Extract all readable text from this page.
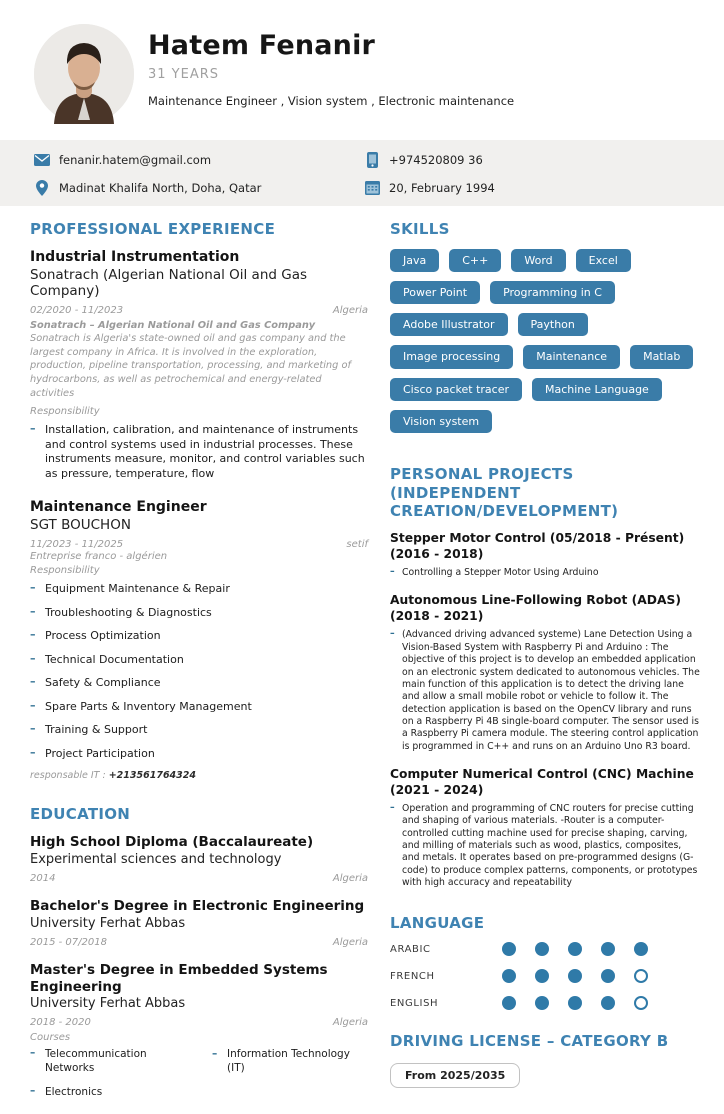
Hatem Fenanir

31 YEARS

Maintenance Engineer , Vision system , Electronic maintenance

fenanir.hatem@gmail.com	+974520809 36
Madinat Khalifa North, Doha, Qatar	20, February 1994
PROFESSIONAL EXPERIENCE

Industrial Instrumentation

Sonatrach (Algerian National Oil and Gas Company)

02/2020 - 11/2023	Algeria

Sonatrach – Algerian National Oil and Gas Company Sonatrach is Algeria's state-owned oil and gas company and the largest company in Africa. It is involved in the exploration, production, pipeline transportation, processing, and marketing of hydrocarbons, as well as petrochemical and energy-related activities

Responsibility

– Installation, calibration, and maintenance of instruments and control systems used in industrial processes. These instruments measure, monitor, and control variables such as pressure, temperature, flow

Maintenance Engineer

SGT BOUCHON

11/2023 - 11/2025	setif

Entreprise franco - algérien

Responsibility

– Equipment Maintenance & Repair
– Troubleshooting & Diagnostics
– Process Optimization
– Technical Documentation
– Safety & Compliance
– Spare Parts & Inventory Management
– Training & Support
– Project Participation

responsable IT : +213561764324

EDUCATION

High School Diploma (Baccalaureate)

Experimental sciences and technology

2014	Algeria

Bachelor's Degree in Electronic Engineering

University Ferhat Abbas

2015 - 07/2018	Algeria

Master's Degree in Embedded Systems Engineering

University Ferhat Abbas

2018 - 2020	Algeria

Courses

– Telecommunication Networks
– Electronics
– Information Technology (IT)
SKILLS
Java	C++	Word	Excel
Power Point	Programming in C
Adobe Illustrator	Paython
Image processing	Maintenance	Matlab
Cisco packet tracer	Machine Language
Vision system
PERSONAL PROJECTS (INDEPENDENT CREATION/DEVELOPMENT)
Stepper Motor Control (05/2018 - Présent)
(2016 - 2018)
– Controlling a Stepper Motor Using Arduino
Autonomous Line-Following Robot (ADAS) (2018 - 2021)
– (Advanced driving advanced systeme) Lane Detection Using a Vision-Based System with Raspberry Pi and Arduino : The objective of this project is to develop an embedded application on an electronic system dedicated to autonomous vehicles. The main function of this application is to detect the driving lane and allow a small mobile robot or vehicle to follow it. The detection application is based on the OpenCV library and runs on a Raspberry Pi 4B single-board computer. The sensor used is a Raspberry Pi camera module. The steering control application is programmed in C++ and runs on an Arduino Uno R3 board.
Computer Numerical Control (CNC) Machine
(2021 - 2024)
– Operation and programming of CNC routers for precise cutting and shaping of various materials. -Router is a computer-controlled cutting machine used for precise shaping, carving, and milling of materials such as wood, plastics, composites, and metals. It operates based on pre-programmed designs (G-code) to produce complex patterns, components, or prototypes with high accuracy and repeatability
LANGUAGE
ARABIC
FRENCH
ENGLISH
DRIVING LICENSE – CATEGORY B
From 2025/2035
